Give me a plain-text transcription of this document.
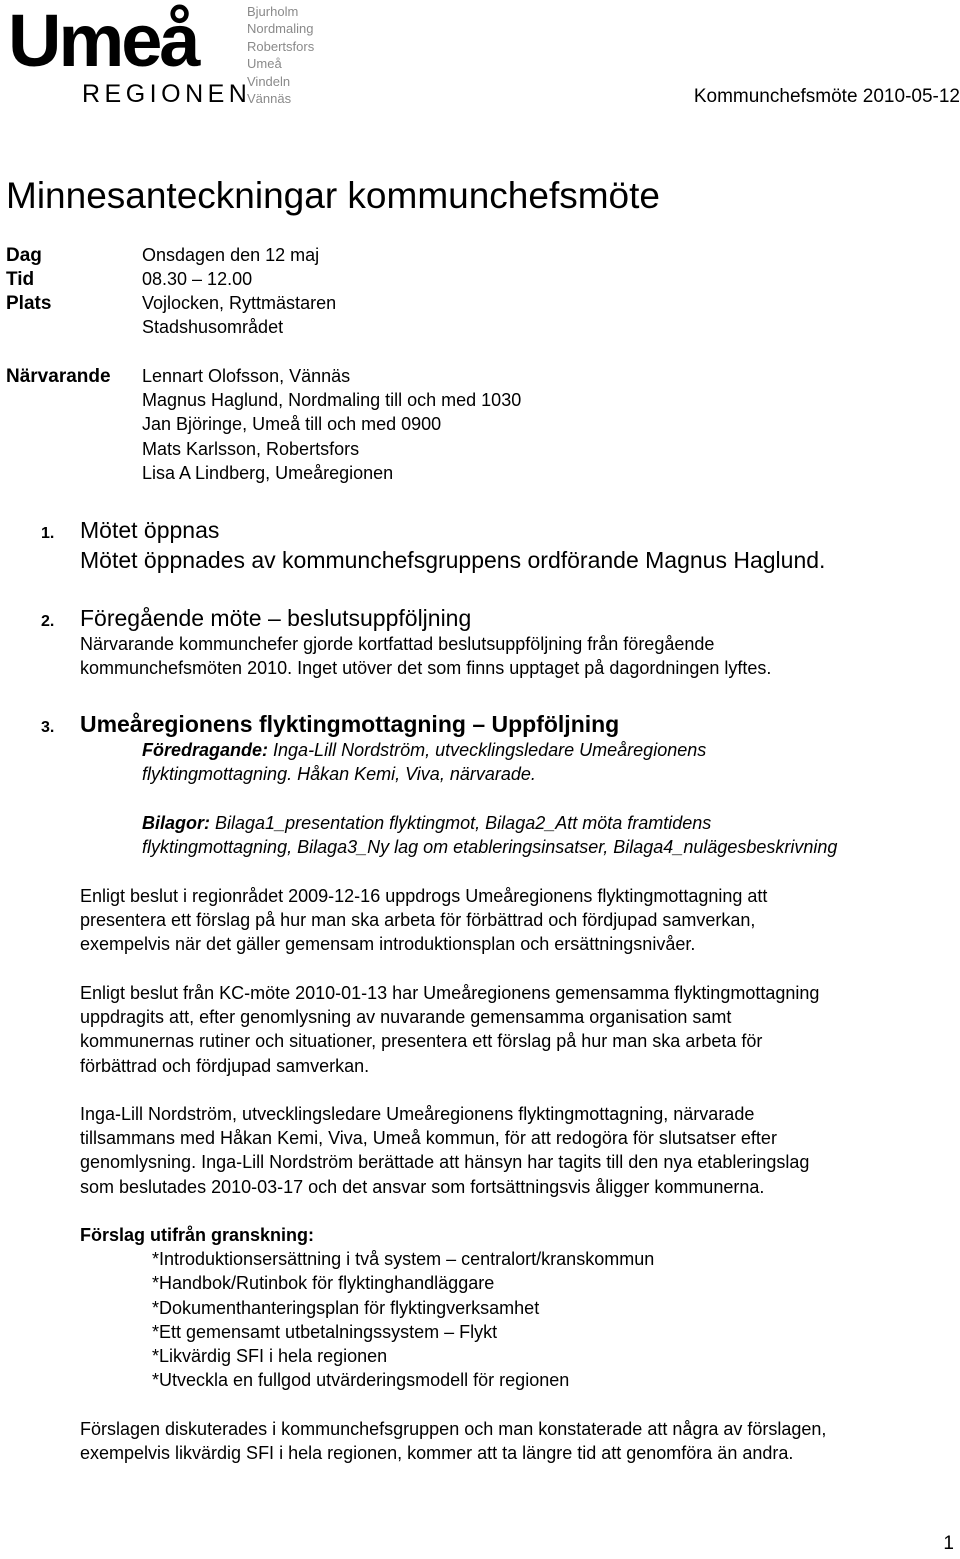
Umeå
REGIONEN
Bjurholm
Nordmaling
Robertsfors
Umeå
Vindeln
Vännäs	Kommunchefsmöte 2010-05-12
Minnesanteckningar kommunchefsmöte
Dag	Onsdagen den 12 maj
Tid	08.30 – 12.00
Plats	Vojlocken, Ryttmästaren
Stadshusområdet
Närvarande Lennart Olofsson, Vännäs
Magnus Haglund, Nordmaling till och med 1030
Jan Björinge, Umeå till och med 0900
Mats Karlsson, Robertsfors
Lisa A Lindberg, Umeåregionen
1. Mötet öppnas
Mötet öppnades av kommunchefsgruppens ordförande Magnus Haglund.
2. Föregående möte – beslutsuppföljning
Närvarande kommunchefer gjorde kortfattad beslutsuppföljning från föregående
kommunchefsmöten 2010. Inget utöver det som finns upptaget på dagordningen lyftes.
3. Umeåregionens flyktingmottagning – Uppföljning
Föredragande: Inga-Lill Nordström, utvecklingsledare Umeåregionens
flyktingmottagning. Håkan Kemi, Viva, närvarade.
Bilagor: Bilaga1_presentation flyktingmot, Bilaga2_Att möta framtidens
flyktingmottagning, Bilaga3_Ny lag om etableringsinsatser, Bilaga4_nulägesbeskrivning
Enligt beslut i regionrådet 2009-12-16 uppdrogs Umeåregionens flyktingmottagning att
presentera ett förslag på hur man ska arbeta för förbättrad och fördjupad samverkan,
exempelvis när det gäller gemensam introduktionsplan och ersättningsnivåer.
Enligt beslut från KC-möte 2010-01-13 har Umeåregionens gemensamma flyktingmottagning
uppdragits att, efter genomlysning av nuvarande gemensamma organisation samt
kommunernas rutiner och situationer, presentera ett förslag på hur man ska arbeta för
förbättrad och fördjupad samverkan.
Inga-Lill Nordström, utvecklingsledare Umeåregionens flyktingmottagning, närvarade
tillsammans med Håkan Kemi, Viva, Umeå kommun, för att redogöra för slutsatser efter
genomlysning. Inga-Lill Nordström berättade att hänsyn har tagits till den nya etableringslag
som beslutades 2010-03-17 och det ansvar som fortsättningsvis åligger kommunerna.
Förslag utifrån granskning:
*Introduktionsersättning i två system – centralort/kranskommun
*Handbok/Rutinbok för flyktinghandläggare
*Dokumenthanteringsplan för flyktingverksamhet
*Ett gemensamt utbetalningssystem – Flykt
*Likvärdig SFI i hela regionen
*Utveckla en fullgod utvärderingsmodell för regionen
Förslagen diskuterades i kommunchefsgruppen och man konstaterade att några av förslagen,
exempelvis likvärdig SFI i hela regionen, kommer att ta längre tid att genomföra än andra.
1
